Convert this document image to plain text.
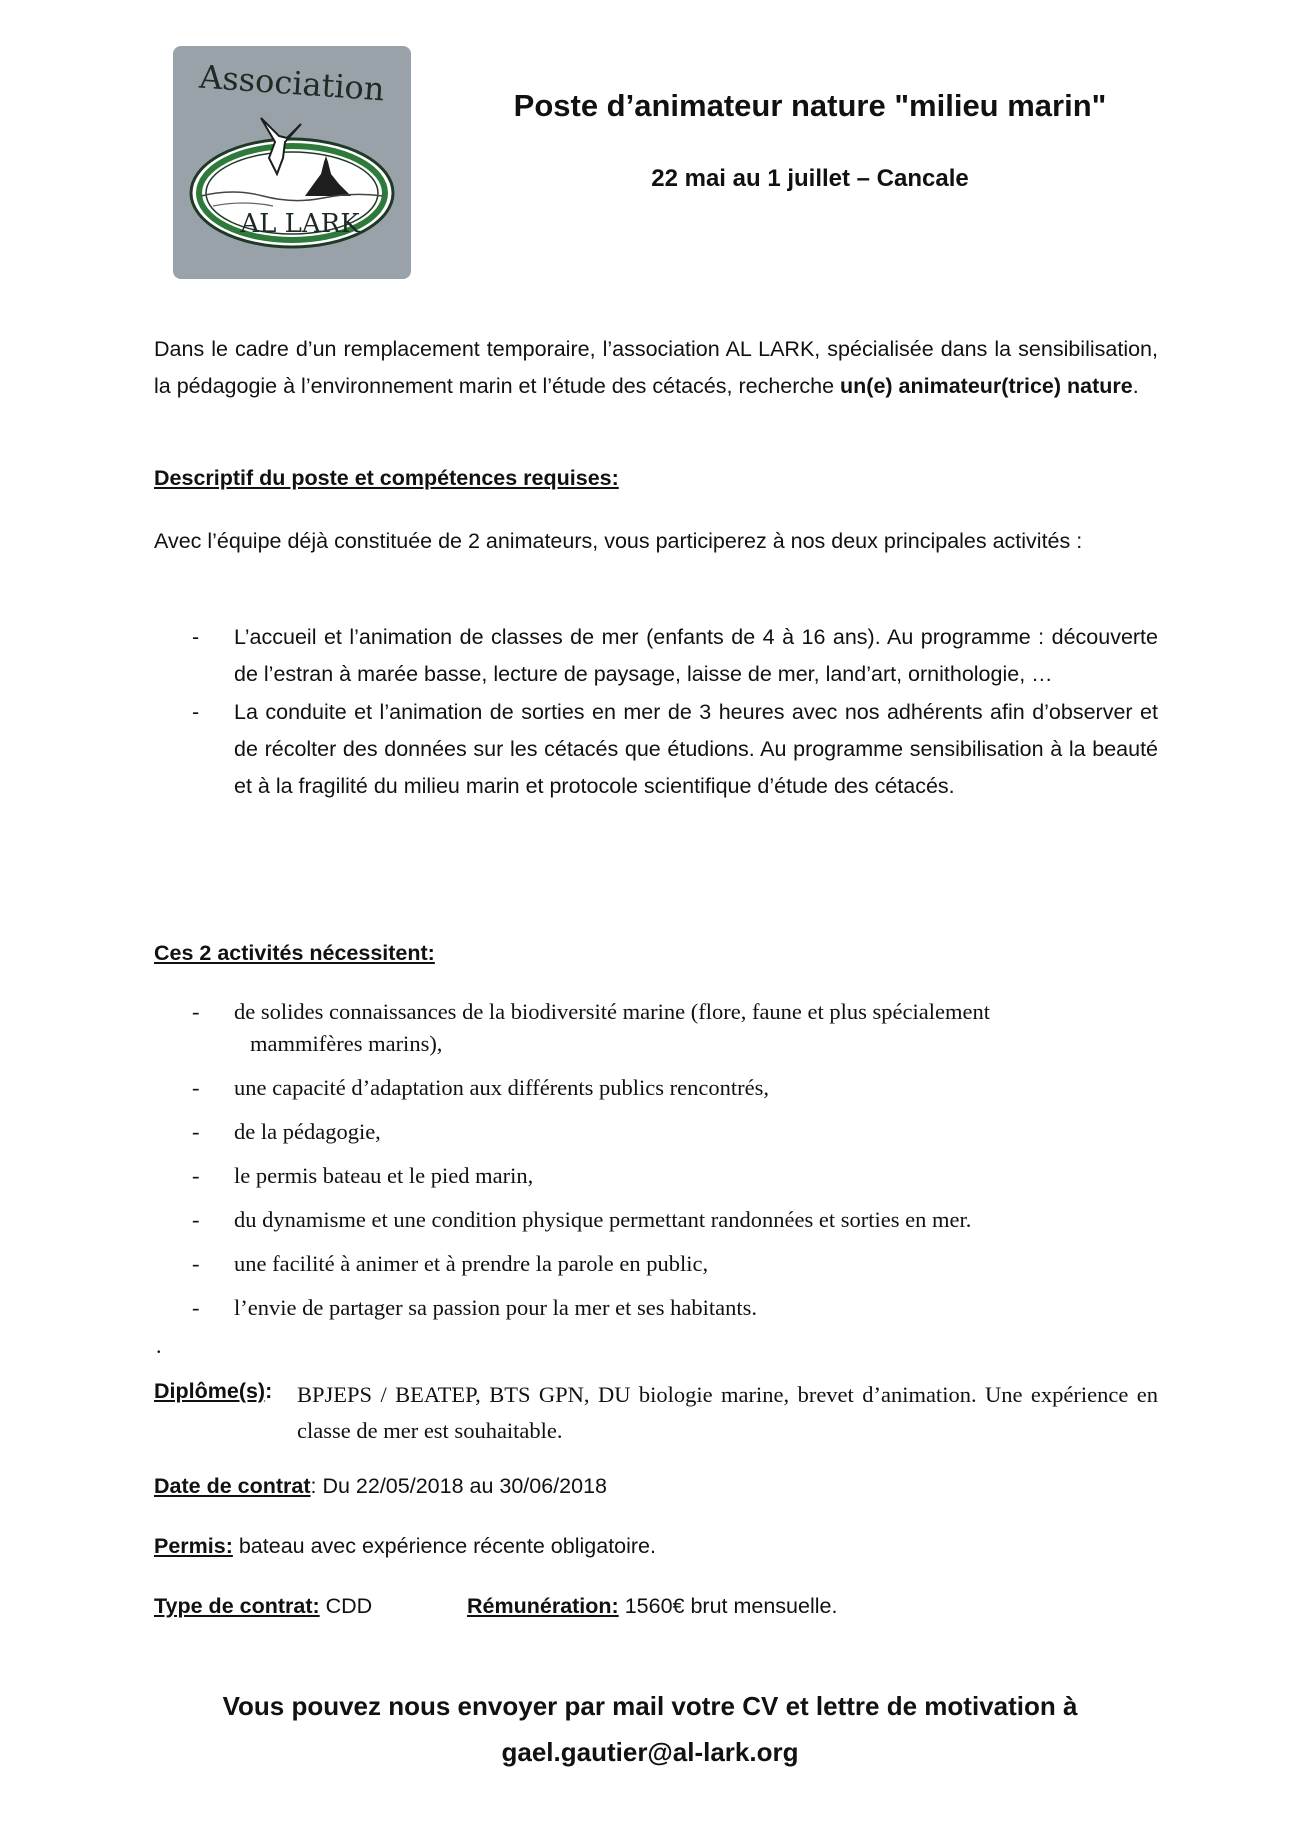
Association
AL LARK
Poste d’animateur nature "milieu marin"
22 mai au 1 juillet – Cancale

Dans le cadre d’un remplacement temporaire, l’association AL LARK, spécialisée dans la sensibilisation, la pédagogie à l’environnement marin et l’étude des cétacés, recherche un(e) animateur(trice) nature.

Descriptif du poste et compétences requises:

Avec l’équipe déjà constituée de 2 animateurs, vous participerez à nos deux principales activités :

- L’accueil et l’animation de classes de mer (enfants de 4 à 16 ans). Au programme : découverte de l’estran à marée basse, lecture de paysage, laisse de mer, land’art, ornithologie, …
- La conduite et l’animation de sorties en mer de 3 heures avec nos adhérents afin d’observer et de récolter des données sur les cétacés que étudions. Au programme sensibilisation à la beauté et à la fragilité du milieu marin et protocole scientifique d’étude des cétacés.

Ces 2 activités nécessitent:

- de solides connaissances de la biodiversité marine (flore, faune et plus spécialement
mammifères marins),
- une capacité d’adaptation aux différents publics rencontrés,
- de la pédagogie,
- le permis bateau et le pied marin,
- du dynamisme et une condition physique permettant randonnées et sorties en mer.
- une facilité à animer et à prendre la parole en public,
- l’envie de partager sa passion pour la mer et ses habitants.
.
Diplôme(s): BPJEPS / BEATEP, BTS GPN, DU biologie marine, brevet d’animation. Une expérience en classe de mer est souhaitable.

Date de contrat: Du 22/05/2018 au 30/06/2018

Permis: bateau avec expérience récente obligatoire.

Type de contrat: CDD	Rémunération: 1560€ brut mensuelle.

Vous pouvez nous envoyer par mail votre CV et lettre de motivation à

gael.gautier@al-lark.org
